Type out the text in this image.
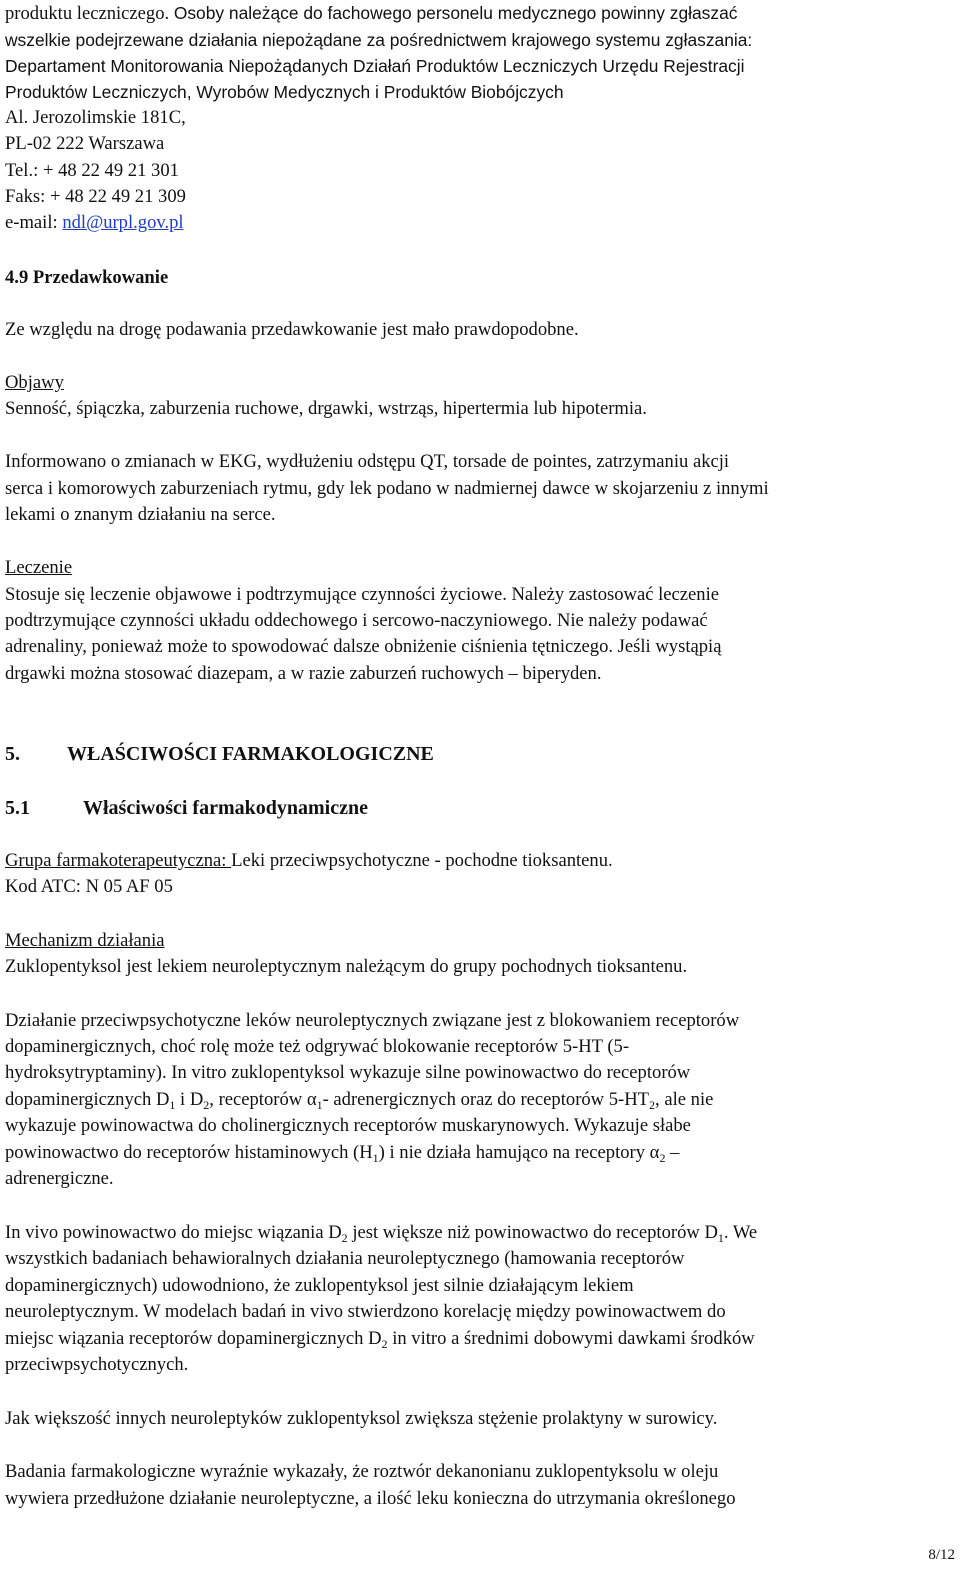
produktu leczniczego. Osoby należące do fachowego personelu medycznego powinny zgłaszać
wszelkie podejrzewane działania niepożądane za pośrednictwem krajowego systemu zgłaszania:
Departament Monitorowania Niepożądanych Działań Produktów Leczniczych Urzędu Rejestracji
Produktów Leczniczych, Wyrobów Medycznych i Produktów Biobójczych
Al. Jerozolimskie 181C,
PL-02 222 Warszawa
Tel.: + 48 22 49 21 301
Faks: + 48 22 49 21 309
e-mail: ndl@urpl.gov.pl
4.9 Przedawkowanie
Ze względu na drogę podawania przedawkowanie jest mało prawdopodobne.
Objawy
Senność, śpiączka, zaburzenia ruchowe, drgawki, wstrząs, hipertermia lub hipotermia.
Informowano o zmianach w EKG, wydłużeniu odstępu QT, torsade de pointes, zatrzymaniu akcji
serca i komorowych zaburzeniach rytmu, gdy lek podano w nadmiernej dawce w skojarzeniu z innymi
lekami o znanym działaniu na serce.
Leczenie
Stosuje się leczenie objawowe i podtrzymujące czynności życiowe. Należy zastosować leczenie
podtrzymujące czynności układu oddechowego i sercowo-naczyniowego. Nie należy podawać
adrenaliny, ponieważ może to spowodować dalsze obniżenie ciśnienia tętniczego. Jeśli wystąpią
drgawki można stosować diazepam, a w razie zaburzeń ruchowych – biperyden.
5. WŁAŚCIWOŚCI FARMAKOLOGICZNE
5.1	Właściwości farmakodynamiczne
Grupa farmakoterapeutyczna: Leki przeciwpsychotyczne - pochodne tioksantenu.
Kod ATC: N 05 AF 05
Mechanizm działania
Zuklopentyksol jest lekiem neuroleptycznym należącym do grupy pochodnych tioksantenu.
Działanie przeciwpsychotyczne leków neuroleptycznych związane jest z blokowaniem receptorów
dopaminergicznych, choć rolę może też odgrywać blokowanie receptorów 5-HT (5-
hydroksytryptaminy). In vitro zuklopentyksol wykazuje silne powinowactwo do receptorów
dopaminergicznych $D_1$ i $D_2$, receptorów $\alpha_1-$ adrenergicznych oraz do receptorów $5-HT_2$, ale nie
wykazuje powinowactwa do cholinergicznych receptorów muskarynowych. Wykazuje słabe
powinowactwo do receptorów histaminowych $(H_1)$ i nie działa hamująco na receptory $\alpha_2$ –
adrenergiczne.
In vivo powinowactwo do miejsc wiązania $D_2$ jest większe niż powinowactwo do receptorów $D_1$. We
wszystkich badaniach behawioralnych działania neuroleptycznego (hamowania receptorów
dopaminergicznych) udowodniono, że zuklopentyksol jest silnie działającym lekiem
neuroleptycznym. W modelach badań in vivo stwierdzono korelację między powinowactwem do
miejsc wiązania receptorów dopaminergicznych $D_2$ in vitro a średnimi dobowymi dawkami środków
przeciwpsychotycznych.
Jak większość innych neuroleptyków zuklopentyksol zwiększa stężenie prolaktyny w surowicy.
Badania farmakologiczne wyraźnie wykazały, że roztwór dekanonianu zuklopentyksolu w oleju
wywiera przedłużone działanie neuroleptyczne, a ilość leku konieczna do utrzymania określonego
8/12
